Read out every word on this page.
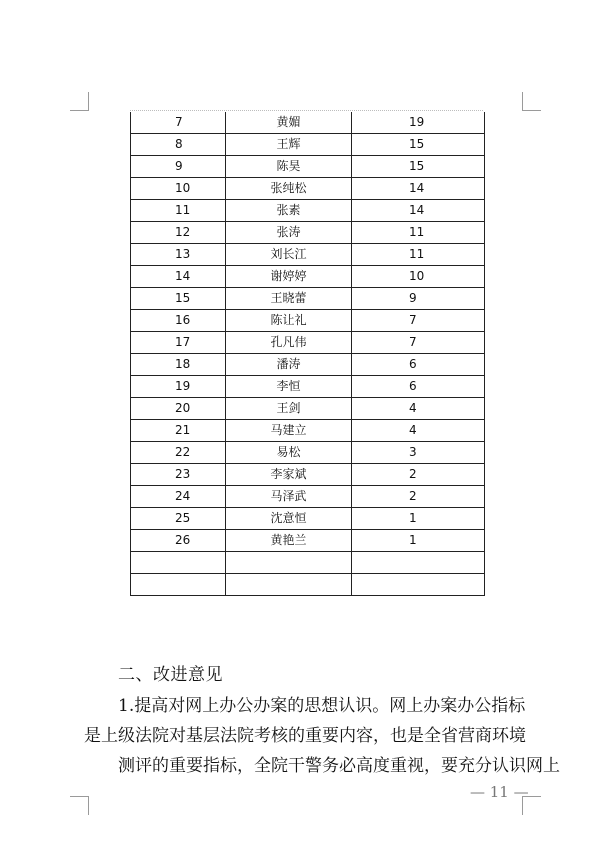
7	黄媚	19
8	王辉	15
9	陈昊	15
10	张纯松	14
11	张素	14
12	张涛	11
13	刘长江	11
14	谢婷婷	10
15	王晓蕾	9
16	陈让礼	7
17	孔凡伟	7
18	潘涛	6
19	李恒	6
20	王剑	4
21	马建立	4
22	易松	3
23	李家斌	2
24	马泽武	2
25	沈意恒	1
26	黄艳兰	1

二、改进意见
1.提高对网上办公办案的思想认识。网上办案办公指标
是上级法院对基层法院考核的重要内容，也是全省营商环境
测评的重要指标，全院干警务必高度重视，要充分认识网上
— 11 —
